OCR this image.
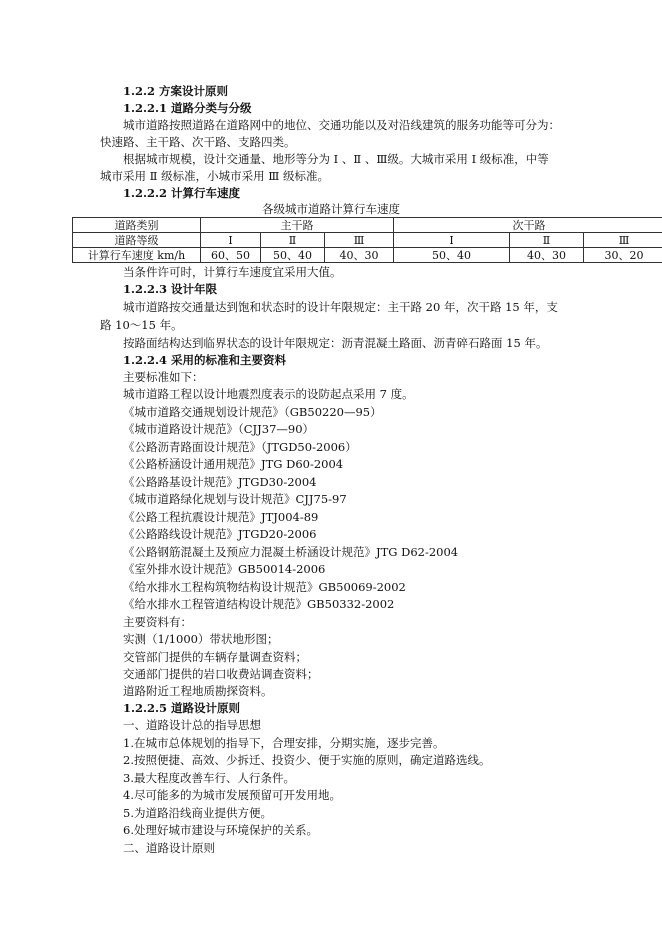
1.2.2 方案设计原则
1.2.2.1 道路分类与分级
城市道路按照道路在道路网中的地位、交通功能以及对沿线建筑的服务功能等可分为：
快速路、主干路、次干路、支路四类。
根据城市规模，设计交通量、地形等分为 Ⅰ 、Ⅱ 、Ⅲ级。大城市采用 Ⅰ 级标准，中等
城市采用 Ⅱ 级标准，小城市采用 Ⅲ 级标准。
1.2.2.2 计算行车速度
各级城市道路计算行车速度
道路类别	主干路			次干路		
道路等级	Ⅰ	Ⅱ	Ⅲ	Ⅰ	Ⅱ	Ⅲ
计算行车速度 km/h	60、50	50、40	40、30	50、40	40、30	30、20
当条件许可时，计算行车速度宜采用大值。
1.2.2.3 设计年限
城市道路按交通量达到饱和状态时的设计年限规定：主干路 20 年，次干路 15 年，支
路 10～15 年。
按路面结构达到临界状态的设计年限规定：沥青混凝土路面、沥青碎石路面 15 年。
1.2.2.4 采用的标准和主要资料
主要标准如下：
城市道路工程以设计地震烈度表示的设防起点采用 7 度。
《城市道路交通规划设计规范》（GB50220—95）
《城市道路设计规范》（CJJ37—90）
《公路沥青路面设计规范》（JTGD50-2006）
《公路桥涵设计通用规范》JTG D60-2004
《公路路基设计规范》JTGD30-2004
《城市道路绿化规划与设计规范》CJJ75-97
《公路工程抗震设计规范》JTJ004-89
《公路路线设计规范》JTGD20-2006
《公路钢筋混凝土及预应力混凝土桥涵设计规范》JTG D62-2004
《室外排水设计规范》GB50014-2006
《给水排水工程构筑物结构设计规范》GB50069-2002
《给水排水工程管道结构设计规范》GB50332-2002
主要资料有：
实测（1/1000）带状地形图；
交管部门提供的车辆存量调查资料；
交通部门提供的岩口收费站调查资料；
道路附近工程地质勘探资料。
1.2.2.5 道路设计原则
一、道路设计总的指导思想
1.在城市总体规划的指导下，合理安排，分期实施，逐步完善。
2.按照便捷、高效、少拆迁、投资少、便于实施的原则，确定道路选线。
3.最大程度改善车行、人行条件。
4.尽可能多的为城市发展预留可开发用地。
5.为道路沿线商业提供方便。
6.处理好城市建设与环境保护的关系。
二、道路设计原则
